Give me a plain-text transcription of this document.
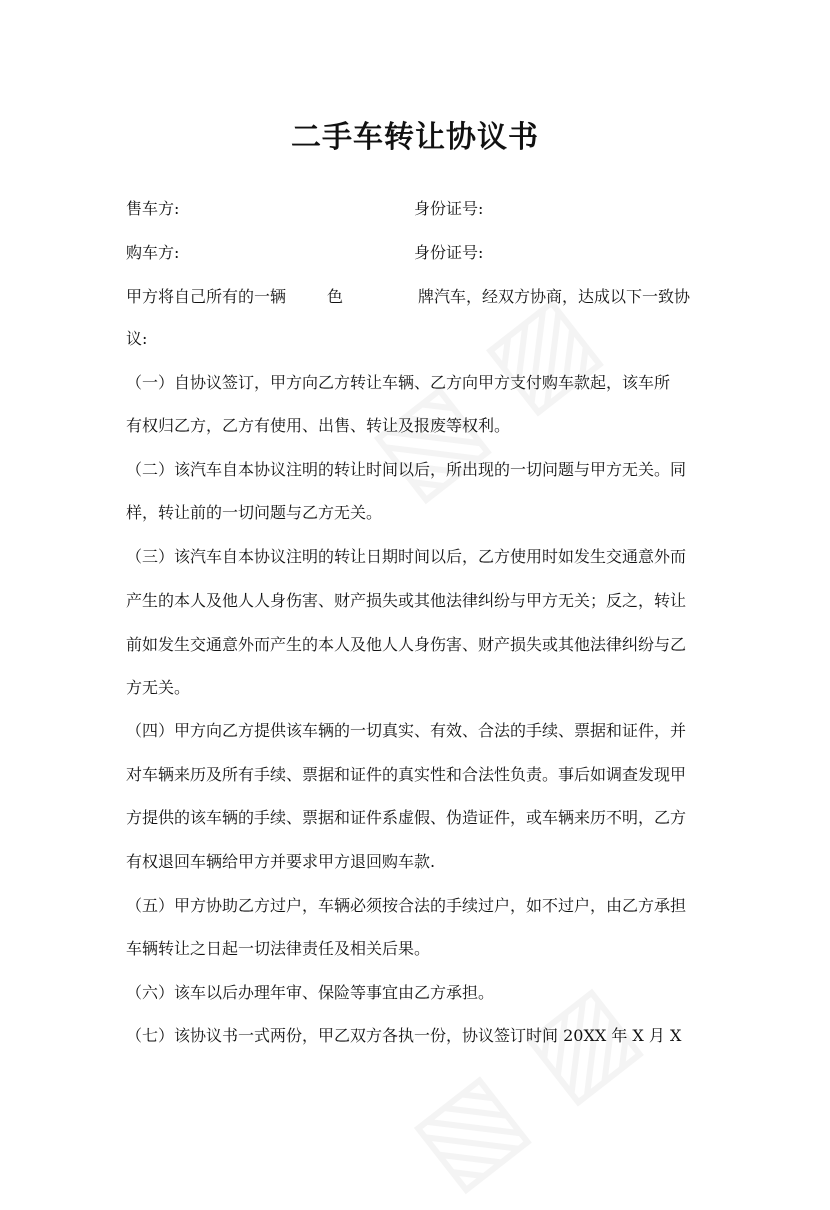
二手车转让协议书
售车方:	身份证号:
购车方:	身份证号:
甲方将自己所有的一辆	色	牌汽车，经双方协商，达成以下一致协
议:
（一）自协议签订，甲方向乙方转让车辆、乙方向甲方支付购车款起，该车所
有权归乙方，乙方有使用、出售、转让及报废等权利。
（二）该汽车自本协议注明的转让时间以后，所出现的一切问题与甲方无关。同
样，转让前的一切问题与乙方无关。
（三）该汽车自本协议注明的转让日期时间以后，乙方使用时如发生交通意外而
产生的本人及他人人身伤害、财产损失或其他法律纠纷与甲方无关；反之，转让
前如发生交通意外而产生的本人及他人人身伤害、财产损失或其他法律纠纷与乙
方无关。
（四）甲方向乙方提供该车辆的一切真实、有效、合法的手续、票据和证件，并
对车辆来历及所有手续、票据和证件的真实性和合法性负责。事后如调查发现甲
方提供的该车辆的手续、票据和证件系虚假、伪造证件，或车辆来历不明，乙方
有权退回车辆给甲方并要求甲方退回购车款.
（五）甲方协助乙方过户，车辆必须按合法的手续过户，如不过户，由乙方承担
车辆转让之日起一切法律责任及相关后果。
（六）该车以后办理年审、保险等事宜由乙方承担。
（七）该协议书一式两份，甲乙双方各执一份，协议签订时间 20XX 年 X 月 X
